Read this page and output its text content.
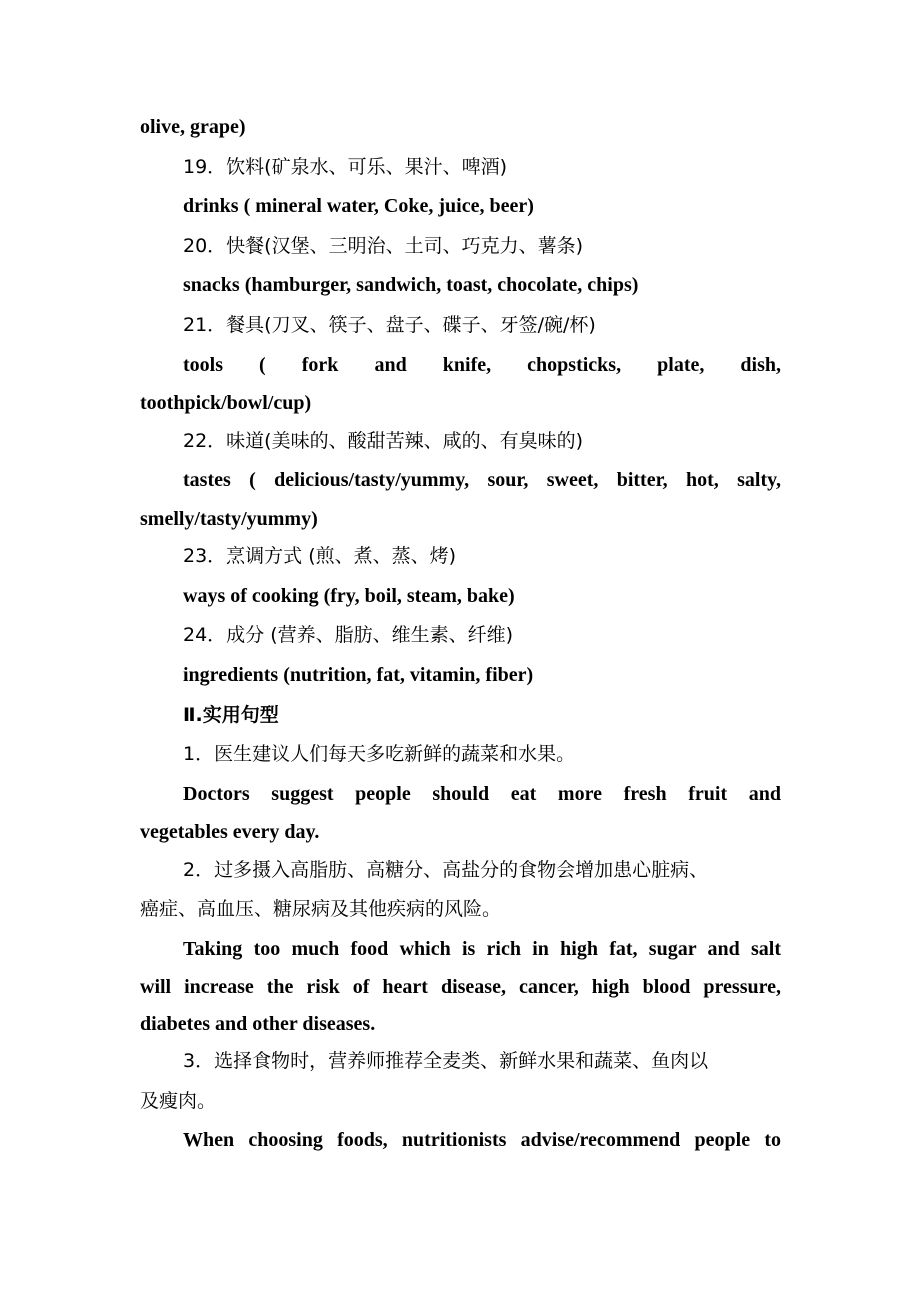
olive, grape)
19．饮料(矿泉水、可乐、果汁、啤酒)
drinks ( mineral water, Coke, juice, beer)
20．快餐(汉堡、三明治、土司、巧克力、薯条)
snacks (hamburger, sandwich, toast, chocolate, chips)
21．餐具(刀叉、筷子、盘子、碟子、牙签/碗/杯)
tools ( fork and knife, chopsticks, plate, dish,
toothpick/bowl/cup)
22．味道(美味的、酸甜苦辣、咸的、有臭味的)
tastes ( delicious/tasty/yummy, sour, sweet, bitter, hot, salty,
smelly/tasty/yummy)
23．烹调方式 (煎、煮、蒸、烤)
ways of cooking (fry, boil, steam, bake)
24．成分 (营养、脂肪、维生素、纤维)
ingredients (nutrition, fat, vitamin, fiber)
Ⅱ.实用句型
1．医生建议人们每天多吃新鲜的蔬菜和水果。
Doctors suggest people should eat more fresh fruit and
vegetables every day.
2．过多摄入高脂肪、高糖分、高盐分的食物会增加患心脏病、
癌症、高血压、糖尿病及其他疾病的风险。
Taking too much food which is rich in high fat, sugar and salt
will increase the risk of heart disease, cancer, high blood pressure,
diabetes and other diseases.
3．选择食物时，营养师推荐全麦类、新鲜水果和蔬菜、鱼肉以
及瘦肉。
When choosing foods, nutritionists advise/recommend people to
